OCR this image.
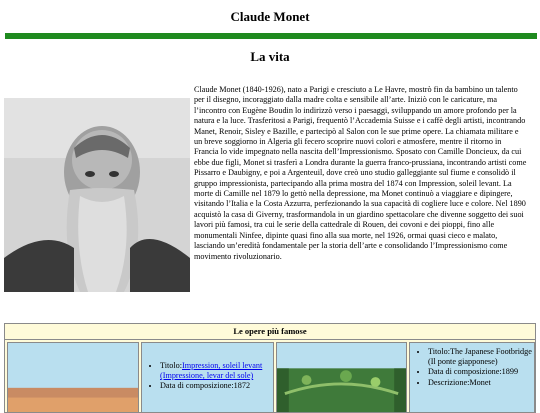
Claude Monet
La vita

Claude Monet (1840-1926), nato a Parigi e cresciuto a Le Havre, mostrò fin da bambino un talento per il disegno, incoraggiato dalla madre colta e sensibile all’arte. Iniziò con le caricature, ma l’incontro con Eugène Boudin lo indirizzò verso i paesaggi, sviluppando un amore profondo per la natura e la luce. Trasferitosi a Parigi, frequentò l’Accademia Suisse e i caffè degli artisti, incontrando Manet, Renoir, Sisley e Bazille, e partecipò al Salon con le sue prime opere. La chiamata militare e un breve soggiorno in Algeria gli fecero scoprire nuovi colori e atmosfere, mentre il ritorno in Francia lo vide impegnato nella nascita dell’Impressionismo. Sposato con Camille Doncieux, da cui ebbe due figli, Monet si trasferì a Londra durante la guerra franco-prussiana, incontrando artisti come Pissarro e Daubigny, e poi a Argenteuil, dove creò uno studio galleggiante sul fiume e consolidò il gruppo impressionista, partecipando alla prima mostra del 1874 con Impression, soleil levant. La morte di Camille nel 1879 lo gettò nella depressione, ma Monet continuò a viaggiare e dipingere, visitando l’Italia e la Costa Azzurra, perfezionando la sua capacità di cogliere luce e colore. Nel 1890 acquistò la casa di Giverny, trasformandola in un giardino spettacolare che divenne soggetto dei suoi lavori più famosi, tra cui le serie della cattedrale di Rouen, dei covoni e dei pioppi, fino alle monumentali Ninfee, dipinte quasi fino alla sua morte, nel 1926, ormai quasi cieco e malato, lasciando un’eredità fondamentale per la storia dell’arte e consolidando l’Impressionismo come movimento rivoluzionario.

Le opere più famose
• Titolo:Impression, soleil levant (Impressione, levar del sole)
• Data di composizione:1872
• Titolo:The Japanese Footbridge (Il ponte giapponese)
• Data di composizione:1899
• Descrizione:Monet
